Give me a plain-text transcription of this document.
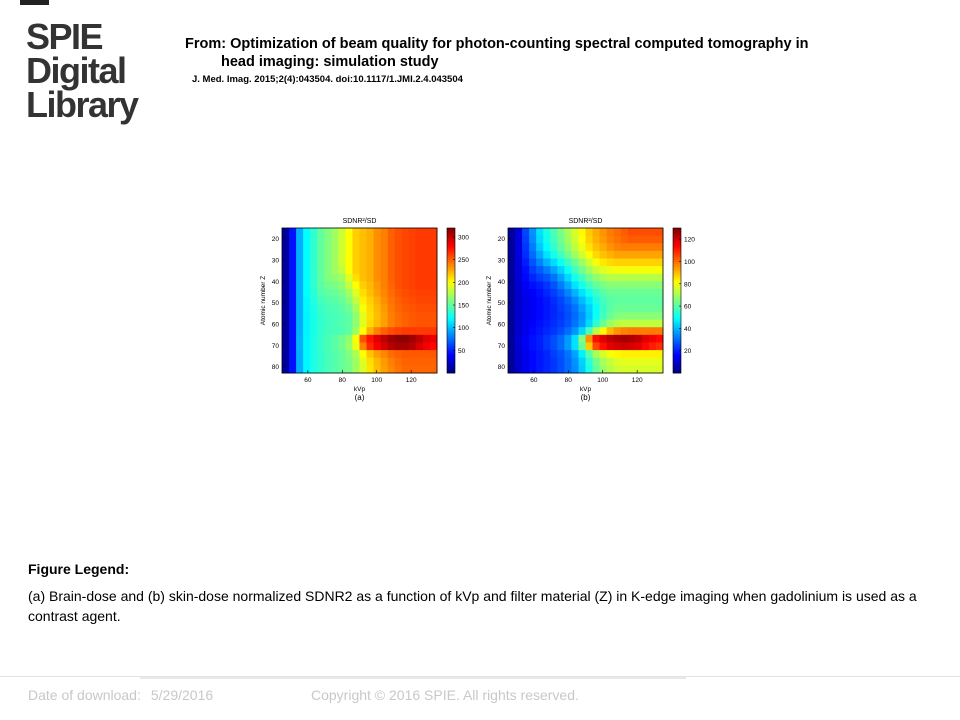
SPIE
Digital
Library
From: Optimization of beam quality for photon-counting spectral computed tomography in
head imaging: simulation study
J. Med. Imag. 2015;2(4):043504. doi:10.1117/1.JMI.2.4.043504
SDNR²/SD
20
30
40
50
60
70
80
60	80	100	120
kVp
Atomic number Z
(a)
50
100
150
200
250
300
SDNR²/SD
20
30
40
50
60
70
80
60	80	100	120
kVp
Atomic number Z
(b)
20
40
60
80
100
120
Figure Legend:
(a) Brain-dose and (b) skin-dose normalized SDNR2 as a function of kVp and filter material (Z) in K-edge imaging when gadolinium is used as a contrast agent.
Date of download: 5/29/2016	Copyright © 2016 SPIE. All rights reserved.
